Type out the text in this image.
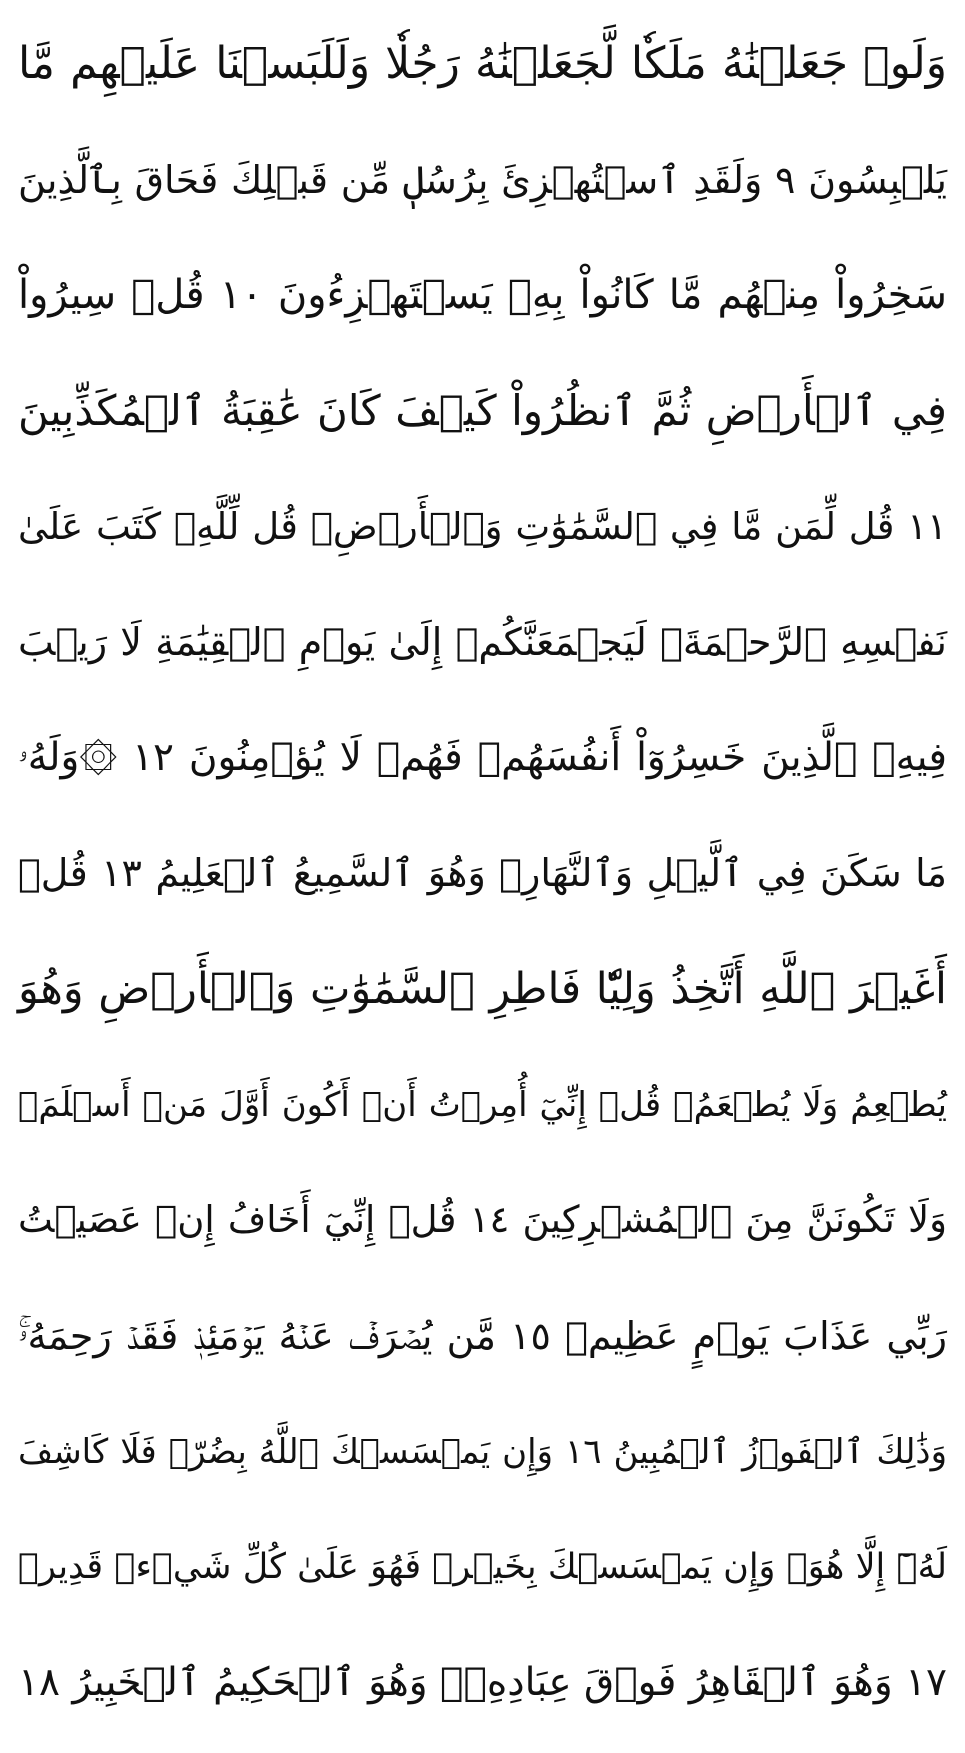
وَلَوۡ جَعَلۡنَٰهُ مَلَكٗا لَّجَعَلۡنَٰهُ رَجُلٗا وَلَلَبَسۡنَا عَلَيۡهِم مَّا
يَلۡبِسُونَ ٩ وَلَقَدِ ٱسۡتُهۡزِئَ بِرُسُلٖ مِّن قَبۡلِكَ فَحَاقَ بِٱلَّذِينَ
سَخِرُواْ مِنۡهُم مَّا كَانُواْ بِهِۦ يَسۡتَهۡزِءُونَ ١٠ قُلۡ سِيرُواْ
فِي ٱلۡأَرۡضِ ثُمَّ ٱنظُرُواْ كَيۡفَ كَانَ عَٰقِبَةُ ٱلۡمُكَذِّبِينَ
١١ قُل لِّمَن مَّا فِي ٱلسَّمَٰوَٰتِ وَٱلۡأَرۡضِۖ قُل لِّلَّهِۚ كَتَبَ عَلَىٰ
نَفۡسِهِ ٱلرَّحۡمَةَۚ لَيَجۡمَعَنَّكُمۡ إِلَىٰ يَوۡمِ ٱلۡقِيَٰمَةِ لَا رَيۡبَ
فِيهِۚ ٱلَّذِينَ خَسِرُوٓاْ أَنفُسَهُمۡ فَهُمۡ لَا يُؤۡمِنُونَ ١٢ ۞وَلَهُۥ
مَا سَكَنَ فِي ٱلَّيۡلِ وَٱلنَّهَارِۚ وَهُوَ ٱلسَّمِيعُ ٱلۡعَلِيمُ ١٣ قُلۡ
أَغَيۡرَ ٱللَّهِ أَتَّخِذُ وَلِيّٗا فَاطِرِ ٱلسَّمَٰوَٰتِ وَٱلۡأَرۡضِ وَهُوَ
يُطۡعِمُ وَلَا يُطۡعَمُۗ قُلۡ إِنِّيٓ أُمِرۡتُ أَنۡ أَكُونَ أَوَّلَ مَنۡ أَسۡلَمَۖ
وَلَا تَكُونَنَّ مِنَ ٱلۡمُشۡرِكِينَ ١٤ قُلۡ إِنِّيٓ أَخَافُ إِنۡ عَصَيۡتُ
رَبِّي عَذَابَ يَوۡمٍ عَظِيمٖ ١٥ مَّن يُصۡرَفۡ عَنۡهُ يَوۡمَئِذٖ فَقَدۡ رَحِمَهُۥۚ
وَذَٰلِكَ ٱلۡفَوۡزُ ٱلۡمُبِينُ ١٦ وَإِن يَمۡسَسۡكَ ٱللَّهُ بِضُرّٖ فَلَا كَاشِفَ
لَهُۥٓ إِلَّا هُوَۖ وَإِن يَمۡسَسۡكَ بِخَيۡرٖ فَهُوَ عَلَىٰ كُلِّ شَيۡءٖ قَدِيرٞ
١٧ وَهُوَ ٱلۡقَاهِرُ فَوۡقَ عِبَادِهِۦۚ وَهُوَ ٱلۡحَكِيمُ ٱلۡخَبِيرُ ١٨
